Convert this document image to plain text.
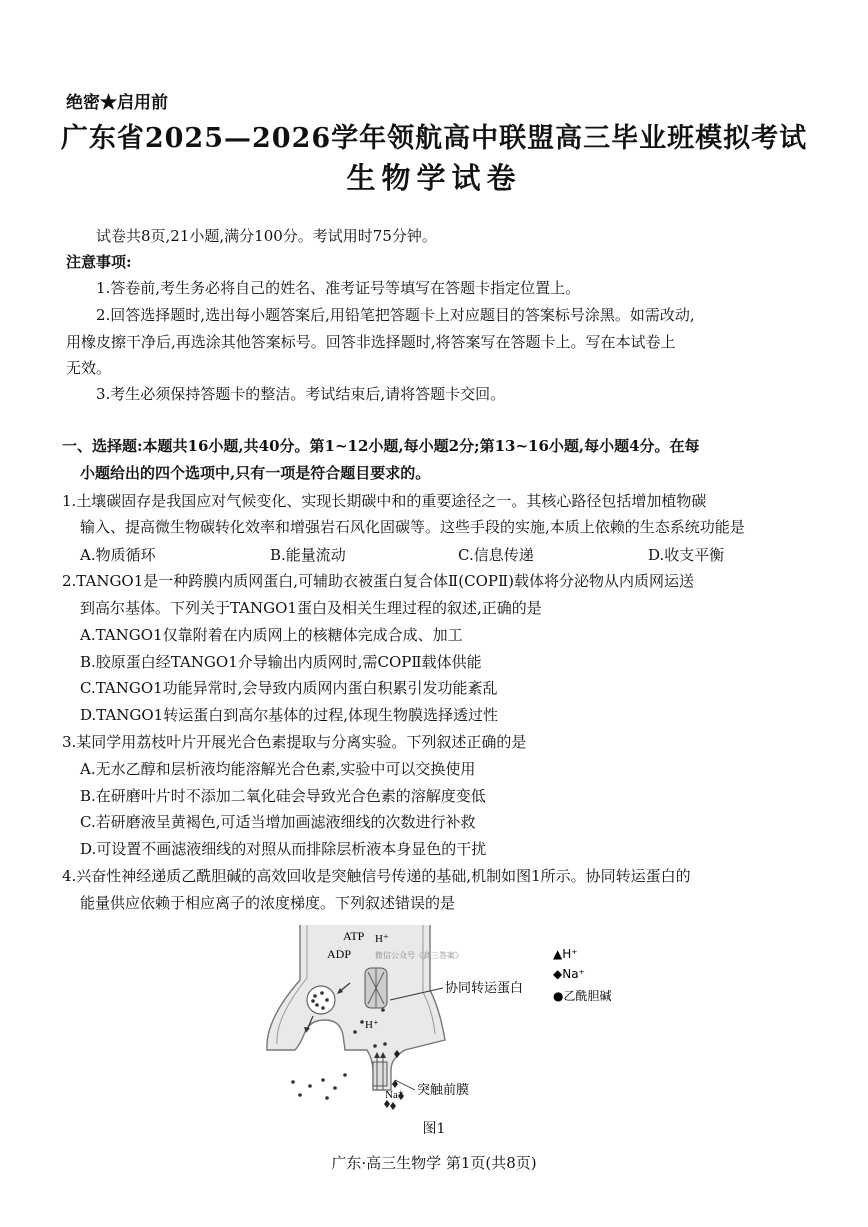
绝密★启用前
广东省2025—2026学年领航高中联盟高三毕业班模拟考试
生物学试卷
试卷共8页,21小题,满分100分。考试用时75分钟。
注意事项:
1.答卷前,考生务必将自己的姓名、准考证号等填写在答题卡指定位置上。
2.回答选择题时,选出每小题答案后,用铅笔把答题卡上对应题目的答案标号涂黑。如需改动,
用橡皮擦干净后,再选涂其他答案标号。回答非选择题时,将答案写在答题卡上。写在本试卷上
无效。
3.考生必须保持答题卡的整洁。考试结束后,请将答题卡交回。
一、选择题:本题共16小题,共40分。第1~12小题,每小题2分;第13~16小题,每小题4分。在每
小题给出的四个选项中,只有一项是符合题目要求的。
1.土壤碳固存是我国应对气候变化、实现长期碳中和的重要途径之一。其核心路径包括增加植物碳
输入、提高微生物碳转化效率和增强岩石风化固碳等。这些手段的实施,本质上依赖的生态系统功能是
A.物质循环	B.能量流动	C.信息传递	D.收支平衡
2.TANGO1是一种跨膜内质网蛋白,可辅助衣被蛋白复合体Ⅱ(COPⅡ)载体将分泌物从内质网运送
到高尔基体。下列关于TANGO1蛋白及相关生理过程的叙述,正确的是
A.TANGO1仅靠附着在内质网上的核糖体完成合成、加工
B.胶原蛋白经TANGO1介导输出内质网时,需COPⅡ载体供能
C.TANGO1功能异常时,会导致内质网内蛋白积累引发功能紊乱
D.TANGO1转运蛋白到高尔基体的过程,体现生物膜选择透过性
3.某同学用荔枝叶片开展光合色素提取与分离实验。下列叙述正确的是
A.无水乙醇和层析液均能溶解光合色素,实验中可以交换使用
B.在研磨叶片时不添加二氧化硅会导致光合色素的溶解度变低
C.若研磨液呈黄褐色,可适当增加画滤液细线的次数进行补救
D.可设置不画滤液细线的对照从而排除层析液本身显色的干扰
4.兴奋性神经递质乙酰胆碱的高效回收是突触信号传递的基础,机制如图1所示。协同转运蛋白的
能量供应依赖于相应离子的浓度梯度。下列叙述错误的是
ATP
ADP
H⁺
H⁺
Na⁺
微信公众号《高三答案》
协同转运蛋白
突触前膜
▲H⁺
◆Na⁺
●乙酰胆碱
图1
广东·高三生物学 第1页(共8页)
